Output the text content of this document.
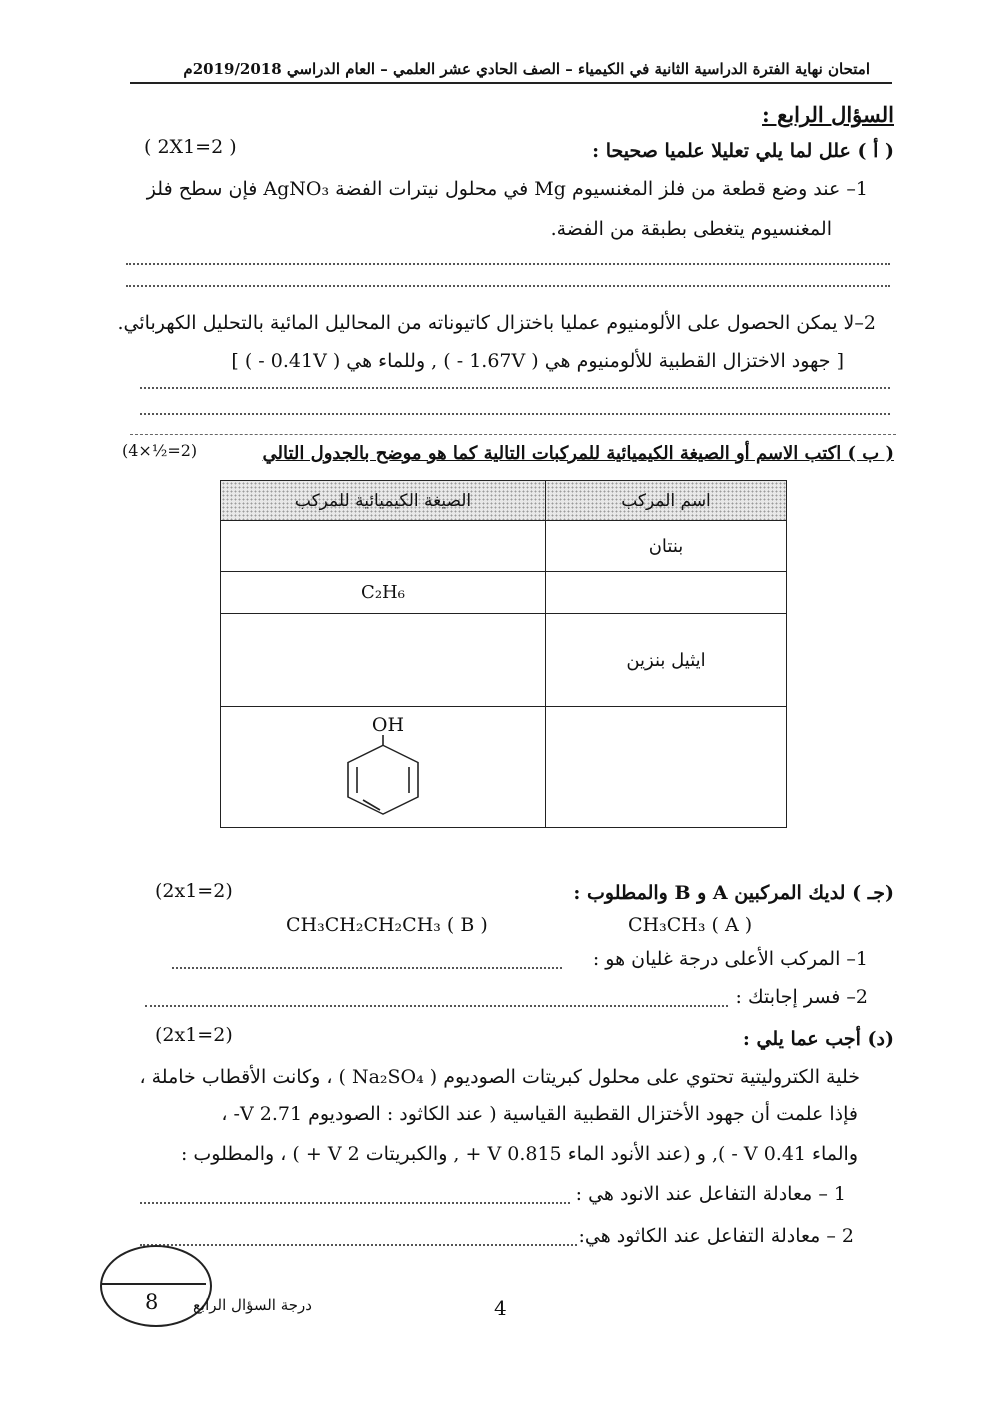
امتحان نهاية الفترة الدراسية الثانية في الكيمياء – الصف الحادي عشر العلمي – العام الدراسي 2019/2018م
السؤال الرابع :
( أ ) علل لما يلي تعليلا علميا صحيحا :
( 2X1=2 )
1– عند وضع قطعة من فلز المغنسيوم Mg في محلول نيترات الفضة AgNO₃ فإن سطح فلز
المغنسيوم يتغطى بطبقة من الفضة.
2–لا يمكن الحصول على الألومنيوم عمليا باختزال كاتيوناته من المحاليل المائية بالتحليل الكهربائي.
[ جهود الاختزال القطبية للألومنيوم هي ( 1.67V - ) , وللماء هي ( 0.41V - ) ]
( ب ) اكتب الاسم أو الصيغة الكيميائية للمركبات التالية كما هو موضح بالجدول التالي
(4×½=2)
الصيغة الكيميائية للمركب	اسم المركب
	بنتان
C₂H₆	
	ايثيل بنزين

OH	

(جـ ) لديك المركبين A و B والمطلوب :
(2x1=2)
CH₃CH₃ ( A )
CH₃CH₂CH₂CH₃ ( B )
1– المركب الأعلى درجة غليان هو :
2– فسر إجابتك :
(د) أجب عما يلي :
(2x1=2)
خلية الكتروليتية تحتوي على محلول كبريتات الصوديوم ( Na₂SO₄ ) ، وكانت الأقطاب خاملة ،
فإذا علمت أن جهود الأختزال القطبية القياسية ( عند الكاثود : الصوديوم 2.71 V- ،
والماء 0.41 V - ), و (عند الأنود الماء 0.815 V + , والكبريتات 2 V + ) ، والمطلوب :
1 – معادلة التفاعل عند الانود هي :
2 – معادلة التفاعل عند الكاثود هي:
8 درجة السؤال الرابع	4
